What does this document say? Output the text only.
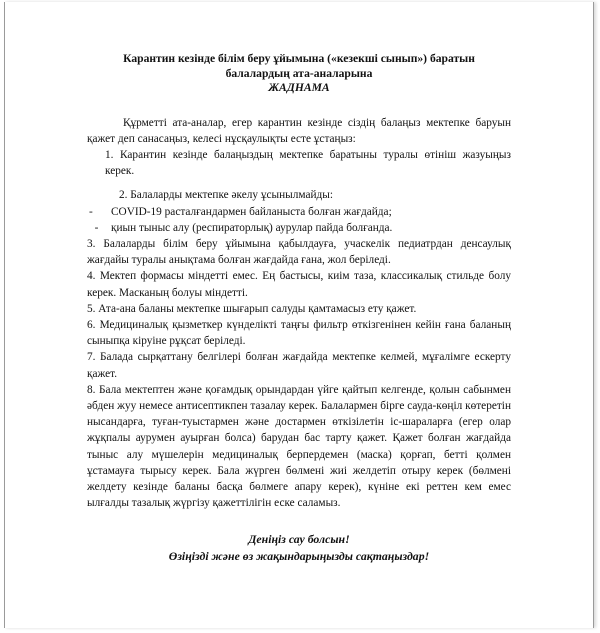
Карантин кезінде білім беру ұйымына («кезекші сынып») баратын
балалардың ата-аналарына
ЖАДНАМА

Құрметті ата-аналар, егер карантин кезінде сіздің балаңыз мектепке баруын қажет деп санасаңыз, келесі нұсқаулықты есте ұстаңыз:

1. Карантин кезінде балаңыздың мектепке баратыны туралы өтініш жазуыңыз керек.

2. Балаларды мектепке әкелу ұсынылмайды:

- COVID-19 расталғандармен байланыста болған жағдайда;

- қиын тыныс алу (респираторлық) аурулар пайда болғанда.

3. Балаларды білім беру ұйымына қабылдауға, учаскелік педиатрдан денсаулық жағдайы туралы анықтама болған жағдайда ғана, жол беріледі.

4. Мектеп формасы міндетті емес. Ең бастысы, киім таза, классикалық стильде болу керек. Масканың болуы міндетті.

5. Ата-ана баланы мектепке шығарып салуды қамтамасыз ету қажет.

6. Медициналық қызметкер күнделікті таңғы фильтр өткізгенінен кейін ғана баланың сыныпқа кіруіне рұқсат беріледі.

7. Балада сырқаттану белгілері болған жағдайда мектепке келмей, мұғалімге ескерту қажет.

8. Бала мектептен және қоғамдық орындардан үйге қайтып келгенде, қолын сабынмен әбден жуу немесе антисептикпен тазалау керек. Балалармен бірге сауда-көңіл көтеретін нысандарға, туған-туыстармен және достармен өткізілетін іс-шараларға (егер олар жұқпалы аурумен ауырған болса) барудан бас тарту қажет. Қажет болған жағдайда тыныс алу мүшелерін медициналық берпердемен (маска) қорғап, бетті қолмен ұстамауға тырысу керек. Бала жүрген бөлмені жиі желдетіп отыру керек (бөлмені желдету кезінде баланы басқа бөлмеге апару керек), күніне екі реттен кем емес ылғалды тазалық жүргізу қажеттілігін еске саламыз.

Деніңіз сау болсын!
Өзіңізді және өз жақындарыңызды сақтаңыздар!
